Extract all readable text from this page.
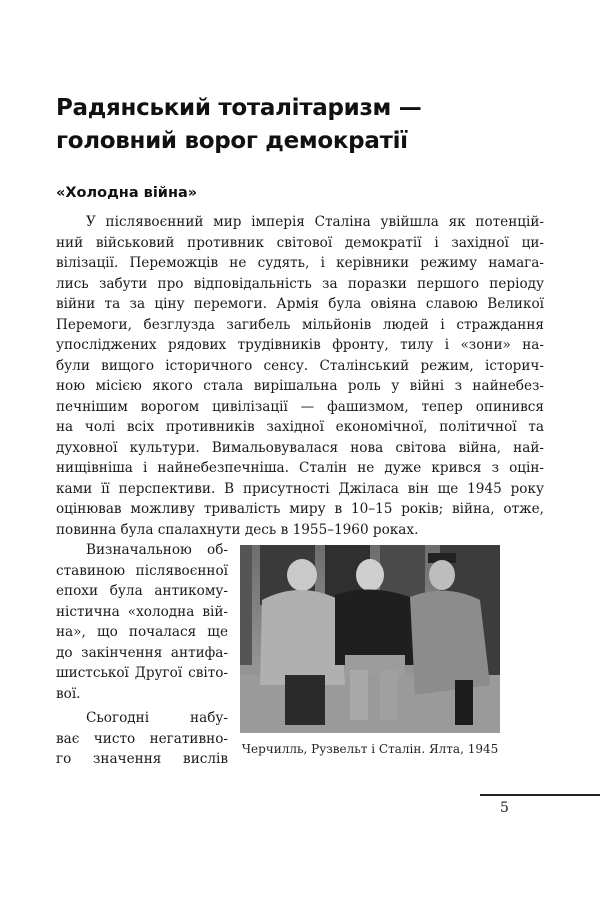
Радянський тоталітаризм —
головний ворог демократії
«Холодна війна»
У післявоєнний мир імперія Сталіна увійшла як потенцій-
ний військовий противник світової демократії і західної ци-
вілізації. Переможців не судять, і керівники режиму намага-
лись забути про відповідальність за поразки першого періоду
війни та за ціну перемоги. Армія була овіяна славою Великої
Перемоги, безглузда загибель мільйонів людей і страждання
упосліджених рядових трудівників фронту, тилу і «зони» на-
були вищого історичного сенсу. Сталінський режим, історич-
ною місією якого стала вирішальна роль у війні з найнебез-
печнішим ворогом цивілізації — фашизмом, тепер опинився
на чолі всіх противників західної економічної, політичної та
духовної культури. Вимальовувалася нова світова війна, най-
нищівніша і найнебезпечніша. Сталін не дуже крився з оцін-
ками її перспективи. В присутності Джіласа він ще 1945 року
оцінював можливу тривалість миру в 10–15 років; війна, отже,
повинна була спалахнути десь в 1955–1960 роках.
Визначальною об-
ставиною післявоєнної
епохи була антикому-
ністична «холодна вій-
на», що почалася ще
до закінчення антифа-
шистської Другої світо-
вої.
Сьогодні набу-
ває чисто негативно-
го значення вислів
Черчилль, Рузвельт і Сталін. Ялта, 1945
5
